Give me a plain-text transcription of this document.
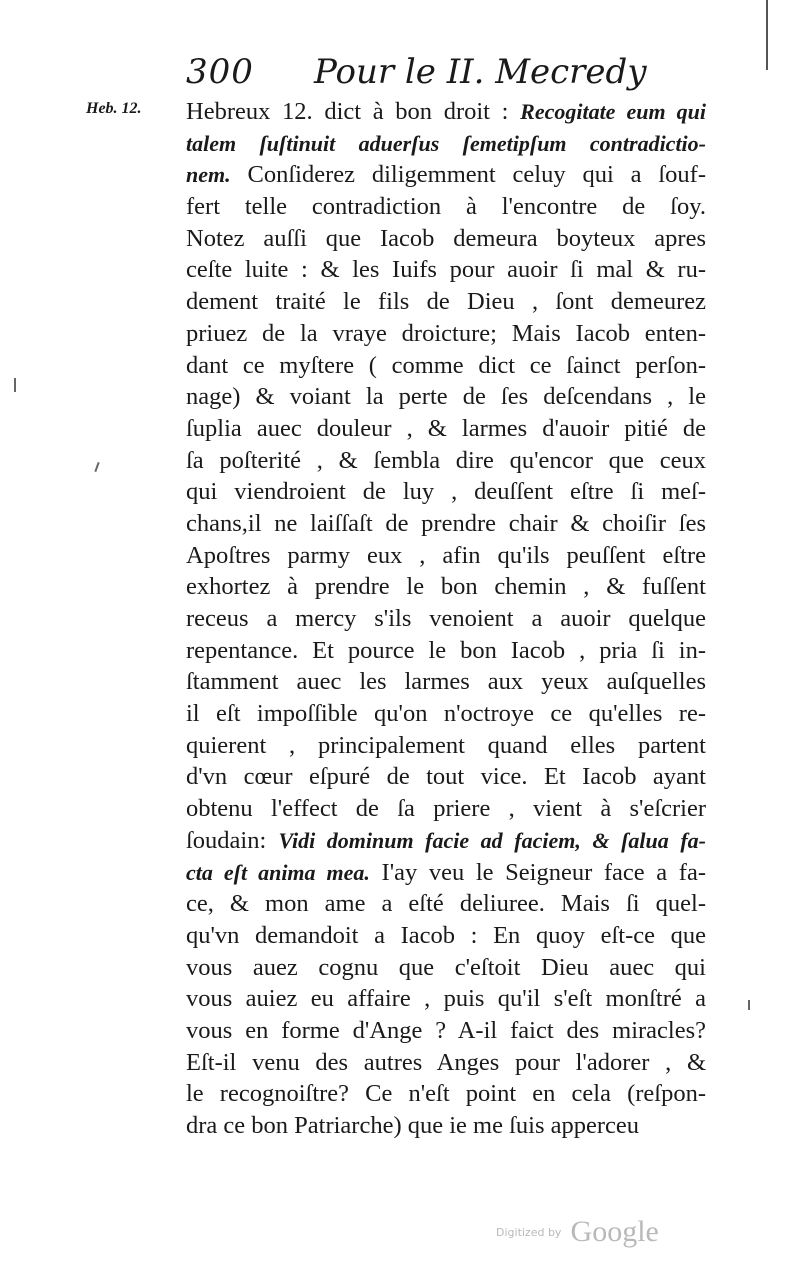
300 Pour le II. Mecredy
Heb. 12. Hebreux 12. dict à bon droit : Recogitate eum qui
talem ſuſtinuit aduerſus ſemetipſum contradictio-
nem. Conſiderez diligemment celuy qui a ſouf-
fert telle contradiction à l'encontre de ſoy.
Notez auſſi que Iacob demeura boyteux apres
ceſte luite : & les Iuifs pour auoir ſi mal & ru-
dement traité le fils de Dieu , ſont demeurez
priuez de la vraye droicture; Mais Iacob enten-
dant ce myſtere ( comme dict ce ſainct perſon-
nage) & voiant la perte de ſes deſcendans , le
ſuplia auec douleur , & larmes d'auoir pitié de
ſa poſterité , & ſembla dire qu'encor que ceux
qui viendroient de luy , deuſſent eſtre ſi meſ-
chans,il ne laiſſaſt de prendre chair & choiſir ſes
Apoſtres parmy eux , afin qu'ils peuſſent eſtre
exhortez à prendre le bon chemin , & fuſſent
receus a mercy s'ils venoient a auoir quelque
repentance. Et pource le bon Iacob , pria ſi in-
ſtamment auec les larmes aux yeux auſquelles
il eſt impoſſible qu'on n'octroye ce qu'elles re-
quierent , principalement quand elles partent
d'vn cœur eſpuré de tout vice. Et Iacob ayant
obtenu l'effect de ſa priere , vient à s'eſcrier
ſoudain: Vidi dominum facie ad faciem, & ſalua fa-
cta eſt anima mea. I'ay veu le Seigneur face a fa-
ce, & mon ame a eſté deliuree. Mais ſi quel-
qu'vn demandoit a Iacob : En quoy eſt-ce que
vous auez cognu que c'eſtoit Dieu auec qui
vous auiez eu affaire , puis qu'il s'eſt monſtré a
vous en forme d'Ange ? A-il faict des miracles?
Eſt-il venu des autres Anges pour l'adorer , &
le recognoiſtre? Ce n'eſt point en cela (reſpon-
dra ce bon Patriarche) que ie me ſuis apperceu
Digitized by Google
